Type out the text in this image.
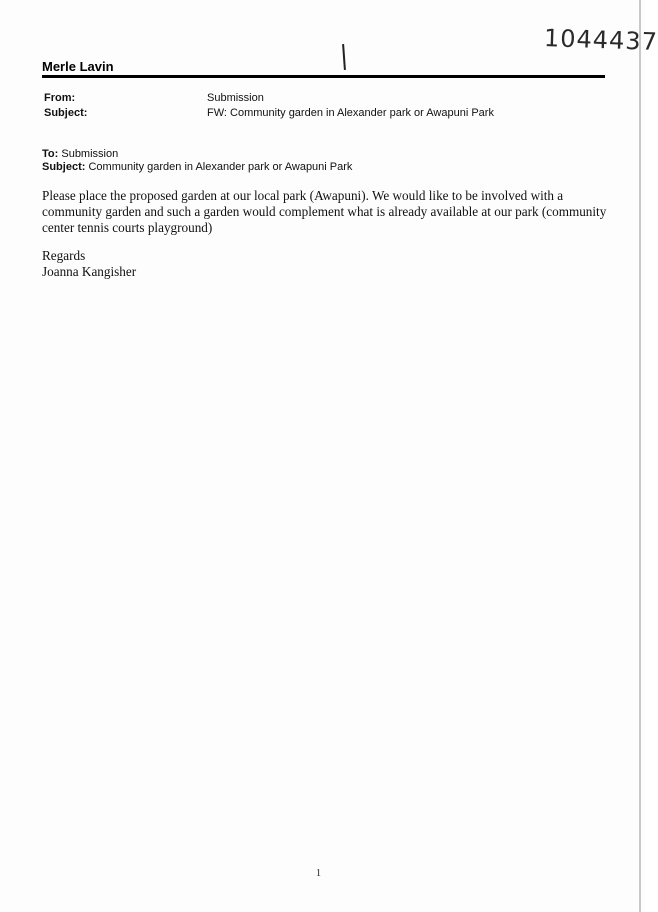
1044437
Merle Lavin
From:	Submission
Subject:	FW: Community garden in Alexander park or Awapuni Park
To: Submission
Subject: Community garden in Alexander park or Awapuni Park
Please place the proposed garden at our local park (Awapuni). We would like to be involved with a
community garden and such a garden would complement what is already available at our park (community
center tennis courts playground)
Regards
Joanna Kangisher
1
